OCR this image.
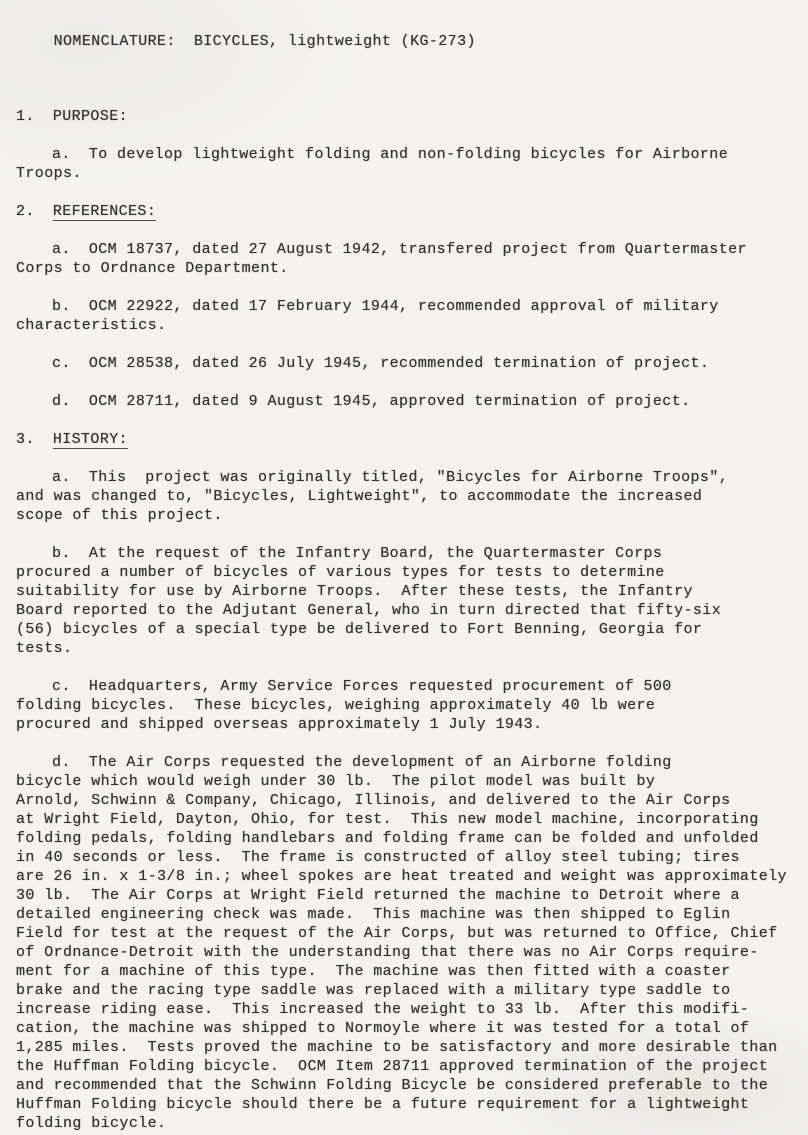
NOMENCLATURE: BICYCLES, lightweight (KG-273)

1. PURPOSE:
a. To develop lightweight folding and non-folding bicycles for Airborne
Troops.
2. REFERENCES:
a. OCM 18737, dated 27 August 1942, transfered project from Quartermaster
Corps to Ordnance Department.
b. OCM 22922, dated 17 February 1944, recommended approval of military
characteristics.
c. OCM 28538, dated 26 July 1945, recommended termination of project.
d. OCM 28711, dated 9 August 1945, approved termination of project.
3. HISTORY:
a. This  project was originally titled, "Bicycles for Airborne Troops",
and was changed to, "Bicycles, Lightweight", to accommodate the increased
scope of this project.
b. At the request of the Infantry Board, the Quartermaster Corps
procured a number of bicycles of various types for tests to determine
suitability for use by Airborne Troops.  After these tests, the Infantry
Board reported to the Adjutant General, who in turn directed that fifty-six
(56) bicycles of a special type be delivered to Fort Benning, Georgia for
tests.
c. Headquarters, Army Service Forces requested procurement of 500
folding bicycles.  These bicycles, weighing approximately 40 lb were
procured and shipped overseas approximately 1 July 1943.
d. The Air Corps requested the development of an Airborne folding
bicycle which would weigh under 30 lb.  The pilot model was built by
Arnold, Schwinn & Company, Chicago, Illinois, and delivered to the Air Corps
at Wright Field, Dayton, Ohio, for test.  This new model machine, incorporating
folding pedals, folding handlebars and folding frame can be folded and unfolded
in 40 seconds or less.  The frame is constructed of alloy steel tubing; tires
are 26 in. x 1-3/8 in.; wheel spokes are heat treated and weight was approximately
30 lb.  The Air Corps at Wright Field returned the machine to Detroit where a
detailed engineering check was made.  This machine was then shipped to Eglin
Field for test at the request of the Air Corps, but was returned to Office, Chief
of Ordnance-Detroit with the understanding that there was no Air Corps require-
ment for a machine of this type.  The machine was then fitted with a coaster
brake and the racing type saddle was replaced with a military type saddle to
increase riding ease.  This increased the weight to 33 lb.  After this modifi-
cation, the machine was shipped to Normoyle where it was tested for a total of
1,285 miles.  Tests proved the machine to be satisfactory and more desirable than
the Huffman Folding bicycle.  OCM Item 28711 approved termination of the project
and recommended that the Schwinn Folding Bicycle be considered preferable to the
Huffman Folding bicycle should there be a future requirement for a lightweight
folding bicycle.
